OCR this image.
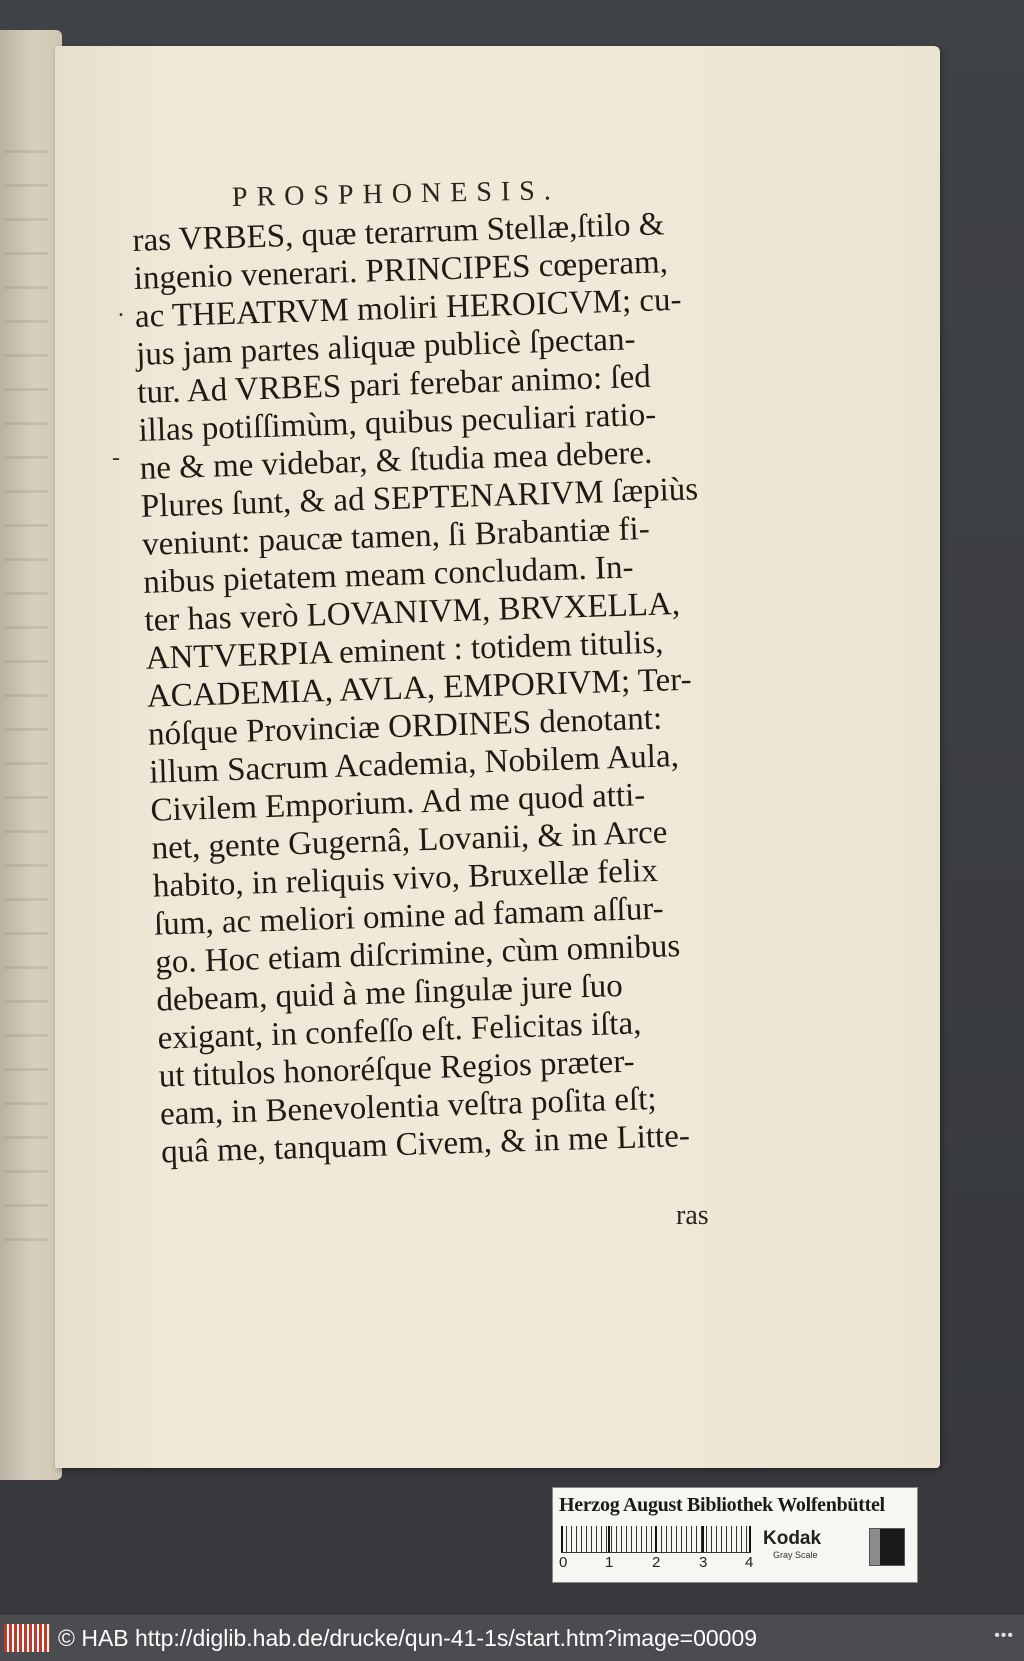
PROSPHONESIS.
ras VRBES, quæ terarrum Stellæ,ſtilo &
ingenio venerari. PRINCIPES cœperam,
ac THEATRVM moliri HEROICVM; cu-
jus jam partes aliquæ publicè ſpectan-
tur. Ad VRBES pari ferebar animo: ſed
illas potiſſimùm, quibus peculiari ratio-
ne & me videbar, & ſtudia mea debere.
Plures ſunt, & ad SEPTENARIVM ſæpiùs
veniunt: paucæ tamen, ſi Brabantiæ fi-
nibus pietatem meam concludam. In-
ter has verò LOVANIVM, BRVXELLA,
ANTVERPIA eminent : totidem titulis,
ACADEMIA, AVLA, EMPORIVM; Ter-
nóſque Provinciæ ORDINES denotant:
illum Sacrum Academia, Nobilem Aula,
Civilem Emporium. Ad me quod atti-
net, gente Gugernâ, Lovanii, & in Arce
habito, in reliquis vivo, Bruxellæ felix
ſum, ac meliori omine ad famam aſſur-
go. Hoc etiam diſcrimine, cùm omnibus
debeam, quid à me ſingulæ jure ſuo
exigant, in confeſſo eſt. Felicitas iſta,
ut titulos honoréſque Regios præter-
eam, in Benevolentia veſtra poſita eſt;
quâ me, tanquam Civem, & in me Litte-
ras
-
.
Herzog August Bibliothek Wolfenbüttel
0	1	2	3	4
Kodak
Gray Scale
© HAB http://diglib.hab.de/drucke/qun-41-1s/start.htm?image=00009	•••
